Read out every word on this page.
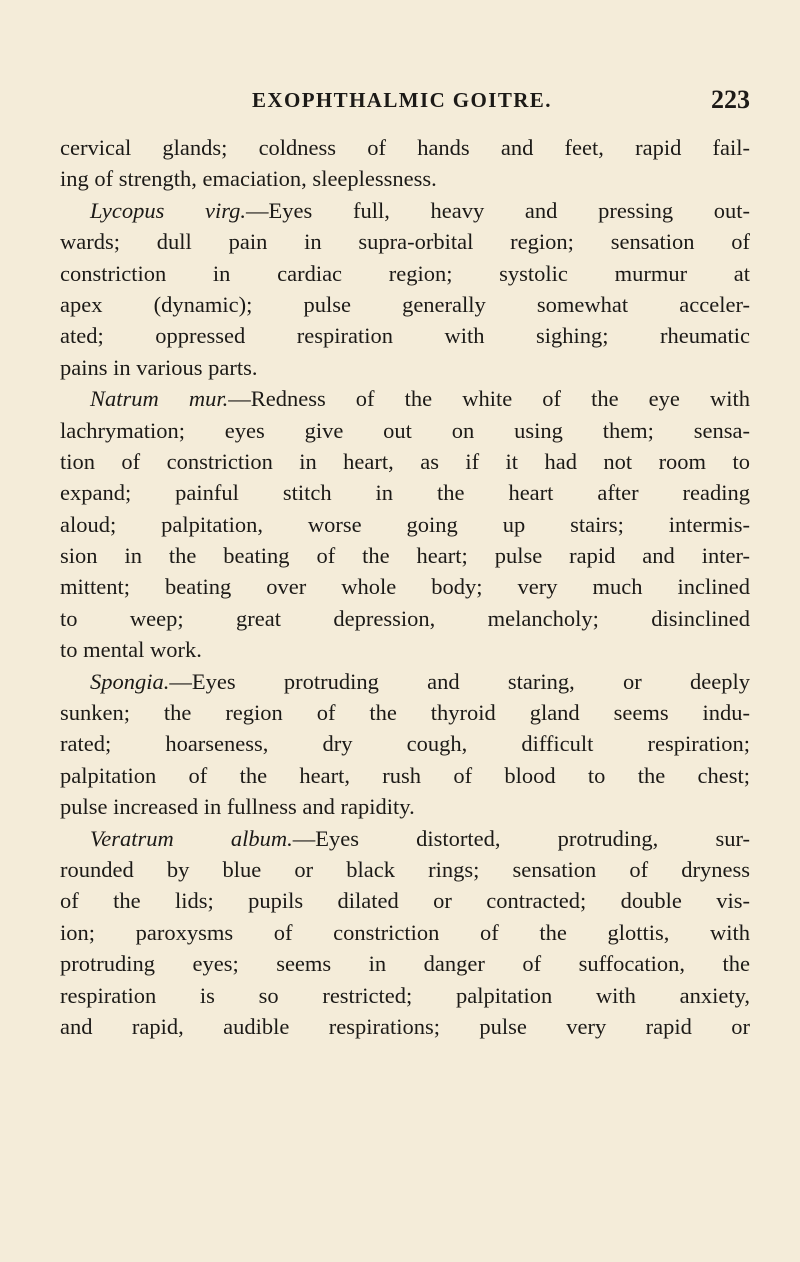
EXOPHTHALMIC GOITRE.	223
cervical glands; coldness of hands and feet, rapid fail-
ing of strength, emaciation, sleeplessness.
Lycopus virg.—Eyes full, heavy and pressing out-
wards; dull pain in supra-orbital region; sensation of
constriction in cardiac region; systolic murmur at
apex (dynamic); pulse generally somewhat acceler-
ated; oppressed respiration with sighing; rheumatic
pains in various parts.
Natrum mur.—Redness of the white of the eye with
lachrymation; eyes give out on using them; sensa-
tion of constriction in heart, as if it had not room to
expand; painful stitch in the heart after reading
aloud; palpitation, worse going up stairs; intermis-
sion in the beating of the heart; pulse rapid and inter-
mittent; beating over whole body; very much inclined
to weep; great depression, melancholy; disinclined
to mental work.
Spongia.—Eyes protruding and staring, or deeply
sunken; the region of the thyroid gland seems indu-
rated; hoarseness, dry cough, difficult respiration;
palpitation of the heart, rush of blood to the chest;
pulse increased in fullness and rapidity.
Veratrum album.—Eyes distorted, protruding, sur-
rounded by blue or black rings; sensation of dryness
of the lids; pupils dilated or contracted; double vis-
ion; paroxysms of constriction of the glottis, with
protruding eyes; seems in danger of suffocation, the
respiration is so restricted; palpitation with anxiety,
and rapid, audible respirations; pulse very rapid or
